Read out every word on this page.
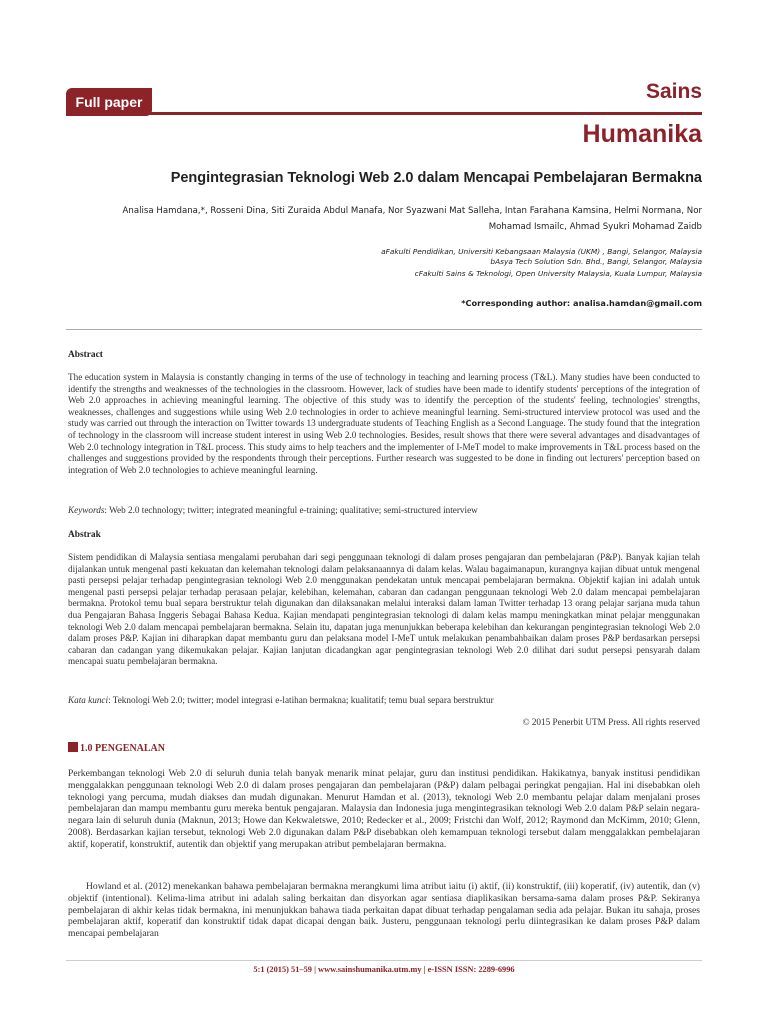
Full paper	Sains
Humanika
Pengintegrasian Teknologi Web 2.0 dalam Mencapai Pembelajaran Bermakna
Analisa Hamdana,*, Rosseni Dina, Siti Zuraida Abdul Manafa, Nor Syazwani Mat Salleha, Intan Farahana Kamsina, Helmi Normana, Nor Mohamad Ismailc, Ahmad Syukri Mohamad Zaidb
aFakulti Pendidikan, Universiti Kebangsaan Malaysia (UKM) , Bangi, Selangor, Malaysia
bAsya Tech Solution Sdn. Bhd., Bangi, Selangor, Malaysia
cFakulti Sains & Teknologi, Open University Malaysia, Kuala Lumpur, Malaysia
*Corresponding author: analisa.hamdan@gmail.com
Abstract
The education system in Malaysia is constantly changing in terms of the use of technology in teaching and learning process (T&L). Many studies have been conducted to identify the strengths and weaknesses of the technologies in the classroom. However, lack of studies have been made to identify students' perceptions of the integration of Web 2.0 approaches in achieving meaningful learning. The objective of this study was to identify the perception of the students' feeling, technologies' strengths, weaknesses, challenges and suggestions while using Web 2.0 technologies in order to achieve meaningful learning. Semi-structured interview protocol was used and the study was carried out through the interaction on Twitter towards 13 undergraduate students of Teaching English as a Second Language. The study found that the integration of technology in the classroom will increase student interest in using Web 2.0 technologies. Besides, result shows that there were several advantages and disadvantages of Web 2.0 technology integration in T&L process. This study aims to help teachers and the implementer of I-MeT model to make improvements in T&L process based on the challenges and suggestions provided by the respondents through their perceptions. Further research was suggested to be done in finding out lecturers' perception based on integration of Web 2.0 technologies to achieve meaningful learning.
Keywords: Web 2.0 technology; twitter; integrated meaningful e-training; qualitative; semi-structured interview
Abstrak
Sistem pendidikan di Malaysia sentiasa mengalami perubahan dari segi penggunaan teknologi di dalam proses pengajaran dan pembelajaran (P&P). Banyak kajian telah dijalankan untuk mengenal pasti kekuatan dan kelemahan teknologi dalam pelaksanaannya di dalam kelas. Walau bagaimanapun, kurangnya kajian dibuat untuk mengenal pasti persepsi pelajar terhadap pengintegrasian teknologi Web 2.0 menggunakan pendekatan untuk mencapai pembelajaran bermakna. Objektif kajian ini adalah untuk mengenal pasti persepsi pelajar terhadap perasaan pelajar, kelebihan, kelemahan, cabaran dan cadangan penggunaan teknologi Web 2.0 dalam mencapai pembelajaran bermakna. Protokol temu bual separa berstruktur telah digunakan dan dilaksanakan melalui interaksi dalam laman Twitter terhadap 13 orang pelajar sarjana muda tahun dua Pengajaran Bahasa Inggeris Sebagai Bahasa Kedua. Kajian mendapati pengintegrasian teknologi di dalam kelas mampu meningkatkan minat pelajar menggunakan teknologi Web 2.0 dalam mencapai pembelajaran bermakna. Selain itu, dapatan juga menunjukkan beberapa kelebihan dan kekurangan pengintegrasian teknologi Web 2.0 dalam proses P&P. Kajian ini diharapkan dapat membantu guru dan pelaksana model I-MeT untuk melakukan penambahbaikan dalam proses P&P berdasarkan persepsi cabaran dan cadangan yang dikemukakan pelajar. Kajian lanjutan dicadangkan agar pengintegrasian teknologi Web 2.0 dilihat dari sudut persepsi pensyarah dalam mencapai suatu pembelajaran bermakna.
Kata kunci: Teknologi Web 2.0; twitter; model integrasi e-latihan bermakna; kualitatif; temu bual separa berstruktur
© 2015 Penerbit UTM Press. All rights reserved
1.0 PENGENALAN
Perkembangan teknologi Web 2.0 di seluruh dunia telah banyak menarik minat pelajar, guru dan institusi pendidikan. Hakikatnya, banyak institusi pendidikan menggalakkan penggunaan teknologi Web 2.0 di dalam proses pengajaran dan pembelajaran (P&P) dalam pelbagai peringkat pengajian. Hal ini disebabkan oleh teknologi yang percuma, mudah diakses dan mudah digunakan. Menurut Hamdan et al. (2013), teknologi Web 2.0 membantu pelajar dalam menjalani proses pembelajaran dan mampu membantu guru mereka bentuk pengajaran. Malaysia dan Indonesia juga mengintegrasikan teknologi Web 2.0 dalam P&P selain negara-negara lain di seluruh dunia (Maknun, 2013; Howe dan Kekwaletswe, 2010; Redecker et al., 2009; Fristchi dan Wolf, 2012; Raymond dan McKimm, 2010; Glenn, 2008). Berdasarkan kajian tersebut, teknologi Web 2.0 digunakan dalam P&P disebabkan oleh kemampuan teknologi tersebut dalam menggalakkan pembelajaran aktif, koperatif, konstruktif, autentik dan objektif yang merupakan atribut pembelajaran bermakna.
Howland et al. (2012) menekankan bahawa pembelajaran bermakna merangkumi lima atribut iaitu (i) aktif, (ii) konstruktif, (iii) koperatif, (iv) autentik, dan (v) objektif (intentional). Kelima-lima atribut ini adalah saling berkaitan dan disyorkan agar sentiasa diaplikasikan bersama-sama dalam proses P&P. Sekiranya pembelajaran di akhir kelas tidak bermakna, ini menunjukkan bahawa tiada perkaitan dapat dibuat terhadap pengalaman sedia ada pelajar. Bukan itu sahaja, proses pembelajaran aktif, koperatif dan konstruktif tidak dapat dicapai dengan baik. Justeru, penggunaan teknologi perlu diintegrasikan ke dalam proses P&P dalam mencapai pembelajaran
5:1 (2015) 51–59 | www.sainshumanika.utm.my | e-ISSN ISSN: 2289-6996
